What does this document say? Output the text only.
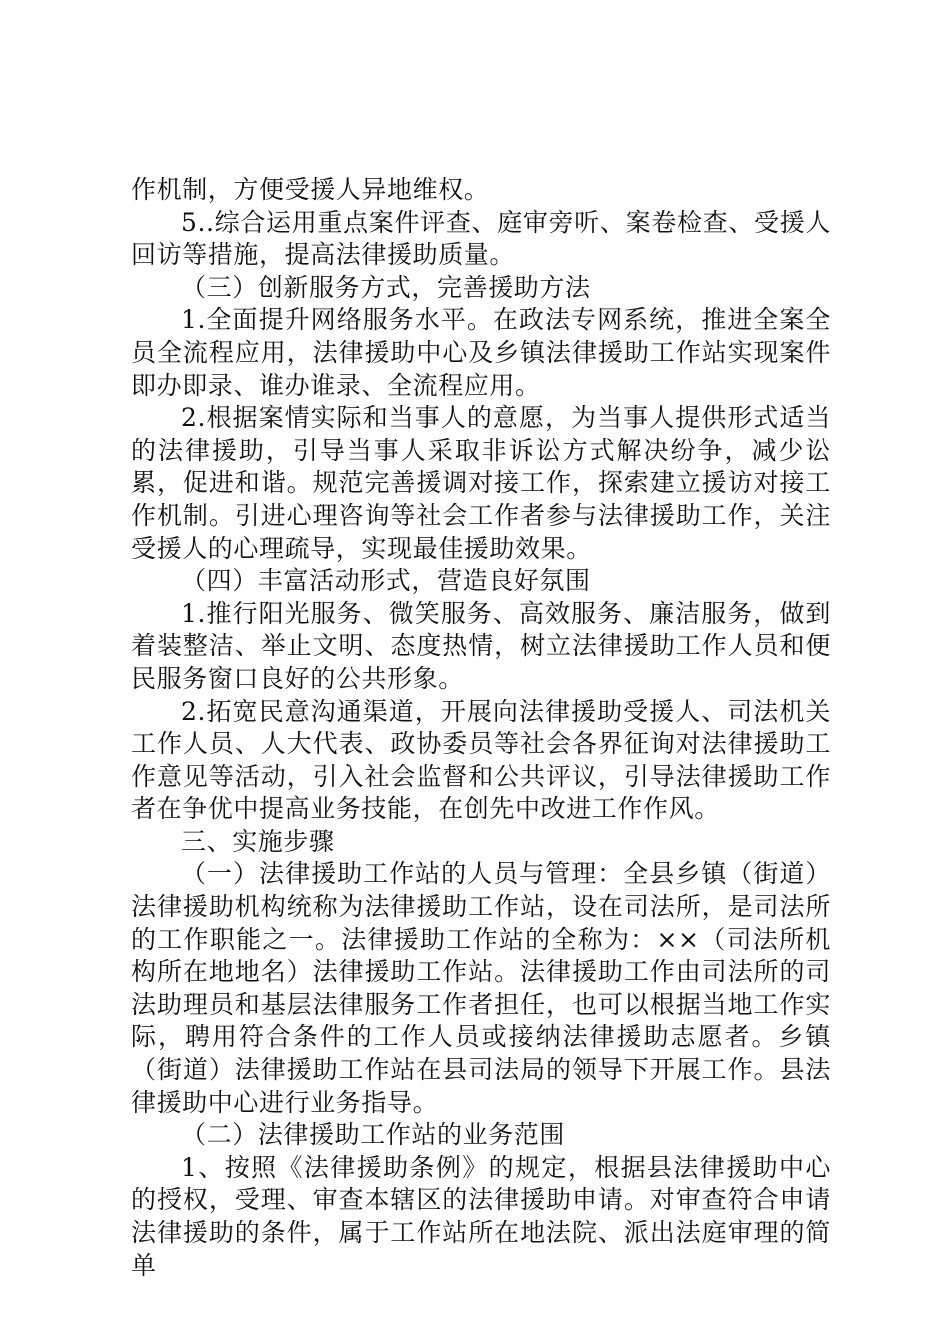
作机制，方便受援人异地维权。

5..综合运用重点案件评查、庭审旁听、案卷检查、受援人回访等措施，提高法律援助质量。

（三）创新服务方式，完善援助方法

1.全面提升网络服务水平。在政法专网系统，推进全案全员全流程应用，法律援助中心及乡镇法律援助工作站实现案件即办即录、谁办谁录、全流程应用。

2.根据案情实际和当事人的意愿，为当事人提供形式适当的法律援助，引导当事人采取非诉讼方式解决纷争，减少讼累，促进和谐。规范完善援调对接工作，探索建立援访对接工作机制。引进心理咨询等社会工作者参与法律援助工作，关注受援人的心理疏导，实现最佳援助效果。

（四）丰富活动形式，营造良好氛围

1.推行阳光服务、微笑服务、高效服务、廉洁服务，做到着装整洁、举止文明、态度热情，树立法律援助工作人员和便民服务窗口良好的公共形象。

2.拓宽民意沟通渠道，开展向法律援助受援人、司法机关工作人员、人大代表、政协委员等社会各界征询对法律援助工作意见等活动，引入社会监督和公共评议，引导法律援助工作者在争优中提高业务技能，在创先中改进工作作风。

三、实施步骤

（一）法律援助工作站的人员与管理：全县乡镇（街道）法律援助机构统称为法律援助工作站，设在司法所，是司法所的工作职能之一。法律援助工作站的全称为：××（司法所机构所在地地名）法律援助工作站。法律援助工作由司法所的司法助理员和基层法律服务工作者担任，也可以根据当地工作实际，聘用符合条件的工作人员或接纳法律援助志愿者。乡镇（街道）法律援助工作站在县司法局的领导下开展工作。县法律援助中心进行业务指导。

（二）法律援助工作站的业务范围

1、按照《法律援助条例》的规定，根据县法律援助中心的授权，受理、审查本辖区的法律援助申请。对审查符合申请法律援助的条件，属于工作站所在地法院、派出法庭审理的简单
